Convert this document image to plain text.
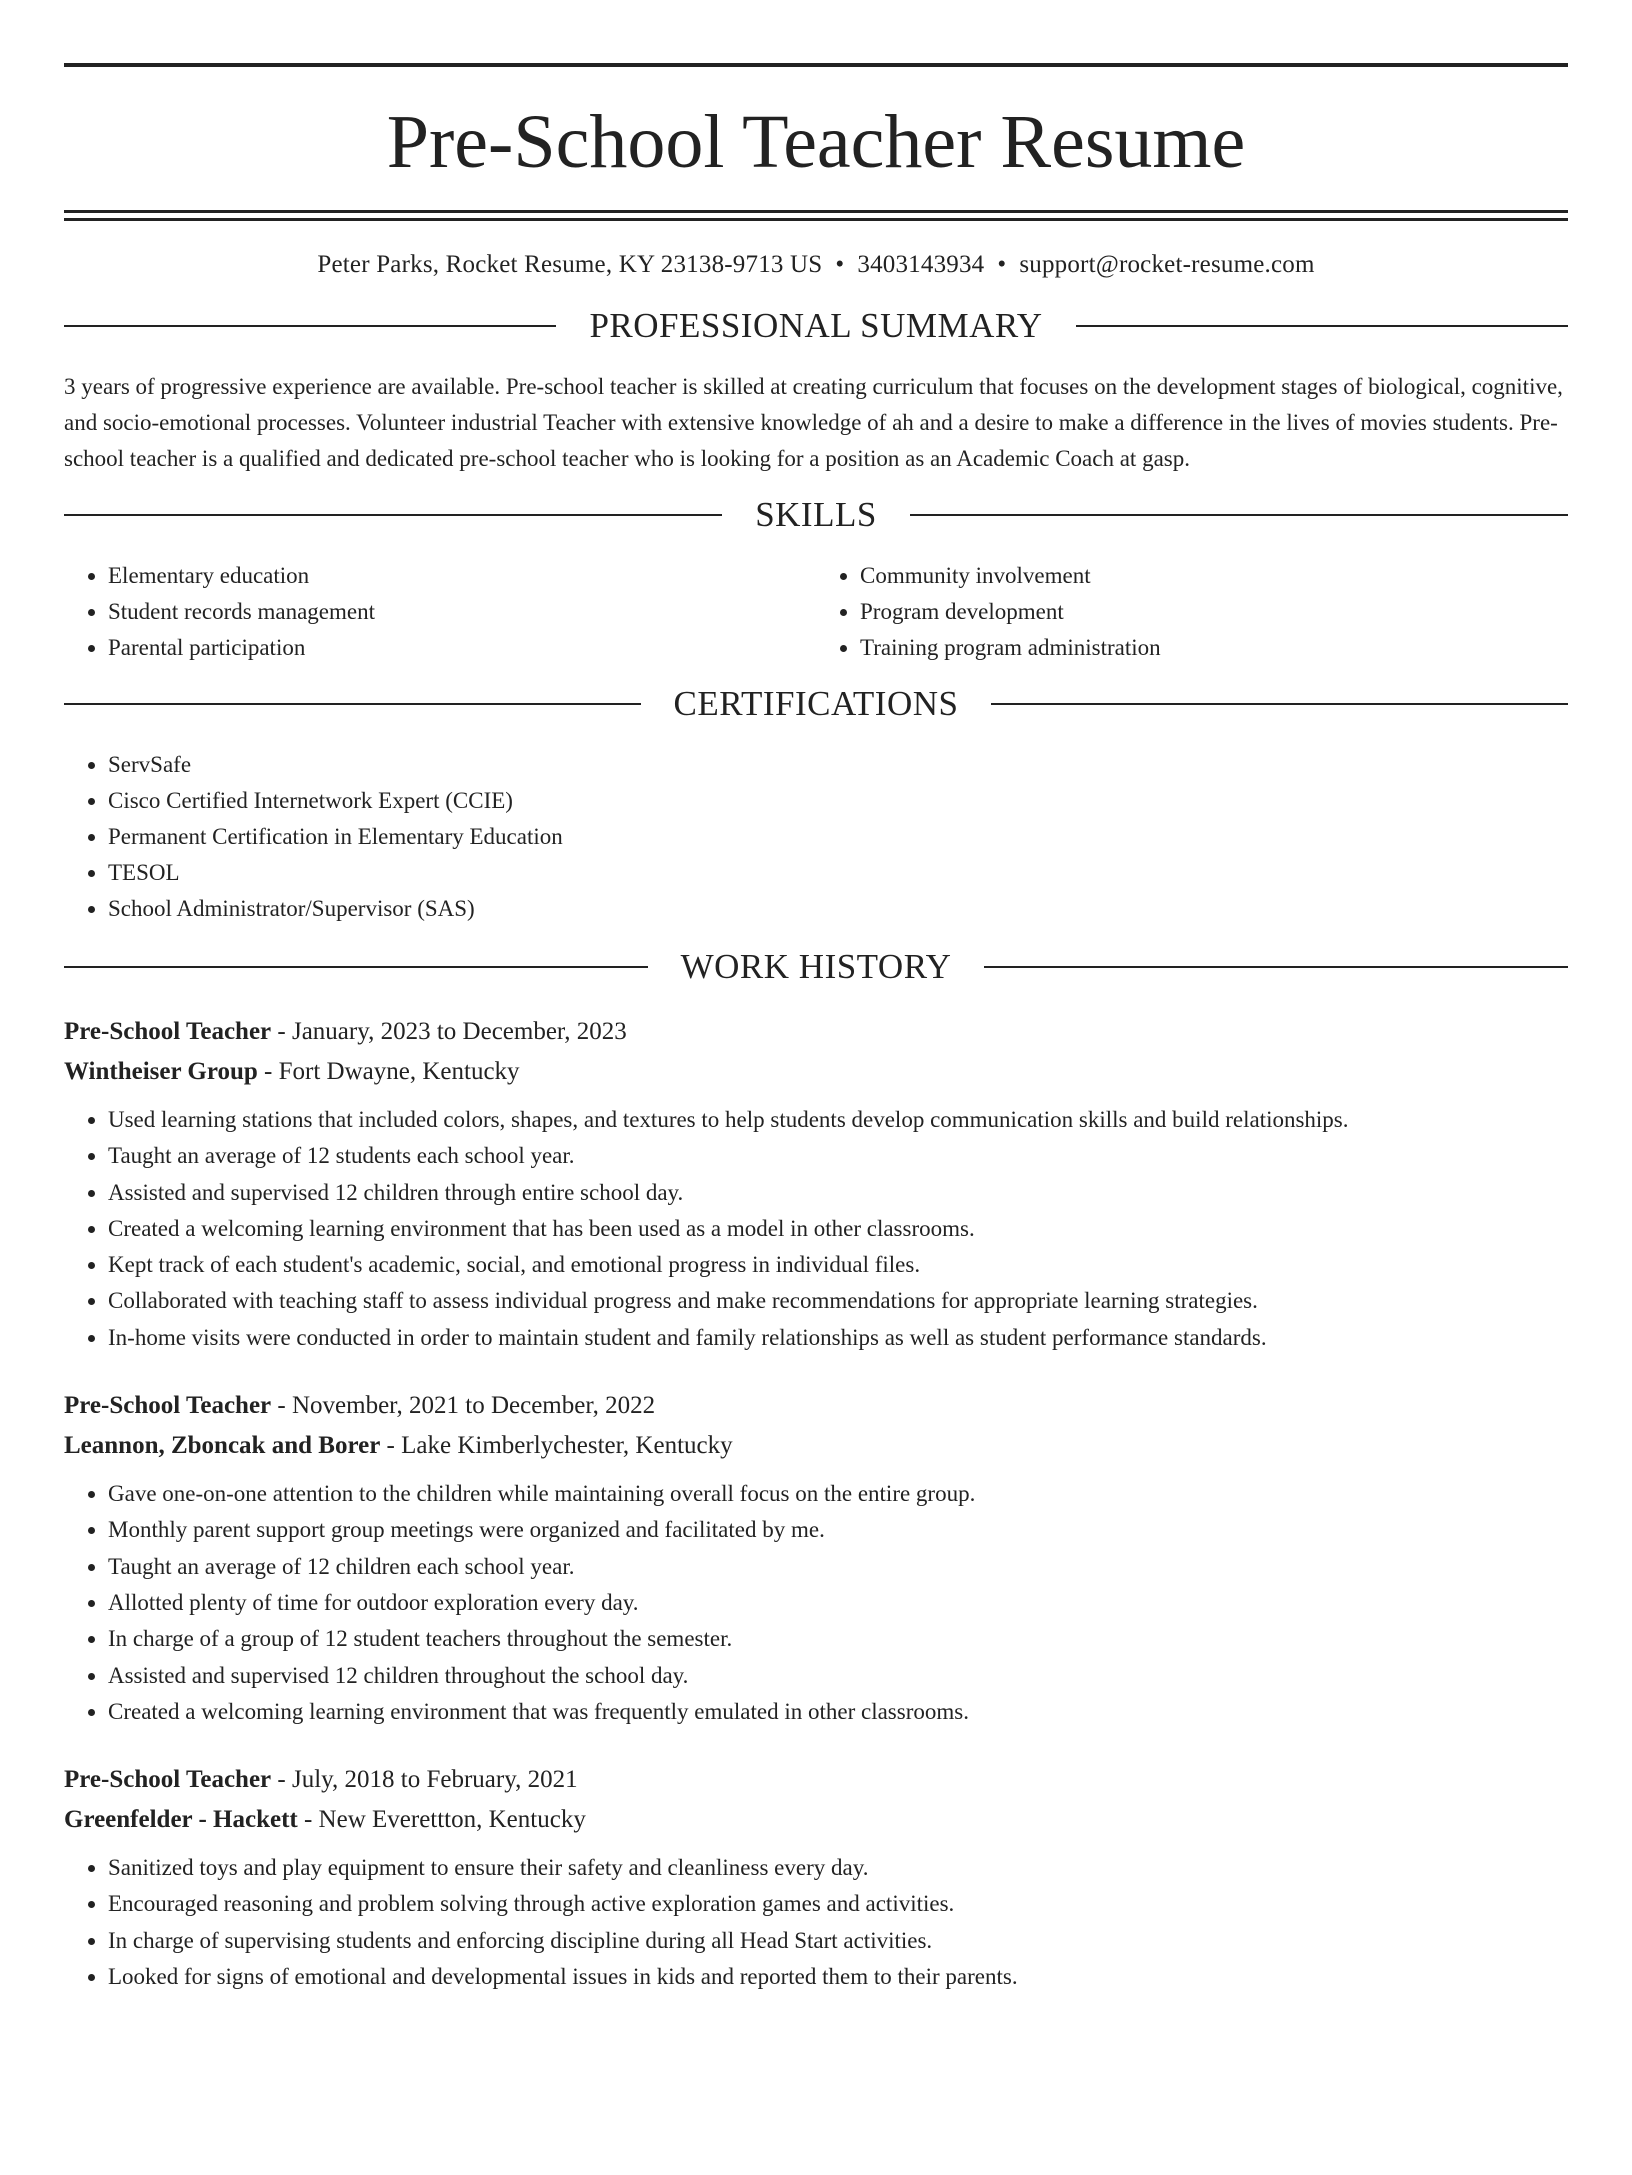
Pre-School Teacher Resume
Peter Parks, Rocket Resume, KY 23138-9713 US • 3403143934 • support@rocket-resume.com
PROFESSIONAL SUMMARY
3 years of progressive experience are available. Pre-school teacher is skilled at creating curriculum that focuses on the development stages of biological, cognitive, and socio-emotional processes. Volunteer industrial Teacher with extensive knowledge of ah and a desire to make a difference in the lives of movies students. Pre-school teacher is a qualified and dedicated pre-school teacher who is looking for a position as an Academic Coach at gasp.
SKILLS
• Elementary education
• Student records management
• Parental participation
• Community involvement
• Program development
• Training program administration
CERTIFICATIONS
• ServSafe
• Cisco Certified Internetwork Expert (CCIE)
• Permanent Certification in Elementary Education
• TESOL
• School Administrator/Supervisor (SAS)
WORK HISTORY
Pre-School Teacher - January, 2023 to December, 2023
Wintheiser Group - Fort Dwayne, Kentucky
• Used learning stations that included colors, shapes, and textures to help students develop communication skills and build relationships.
• Taught an average of 12 students each school year.
• Assisted and supervised 12 children through entire school day.
• Created a welcoming learning environment that has been used as a model in other classrooms.
• Kept track of each student's academic, social, and emotional progress in individual files.
• Collaborated with teaching staff to assess individual progress and make recommendations for appropriate learning strategies.
• In-home visits were conducted in order to maintain student and family relationships as well as student performance standards.
Pre-School Teacher - November, 2021 to December, 2022
Leannon, Zboncak and Borer - Lake Kimberlychester, Kentucky
• Gave one-on-one attention to the children while maintaining overall focus on the entire group.
• Monthly parent support group meetings were organized and facilitated by me.
• Taught an average of 12 children each school year.
• Allotted plenty of time for outdoor exploration every day.
• In charge of a group of 12 student teachers throughout the semester.
• Assisted and supervised 12 children throughout the school day.
• Created a welcoming learning environment that was frequently emulated in other classrooms.
Pre-School Teacher - July, 2018 to February, 2021
Greenfelder - Hackett - New Everettton, Kentucky
• Sanitized toys and play equipment to ensure their safety and cleanliness every day.
• Encouraged reasoning and problem solving through active exploration games and activities.
• In charge of supervising students and enforcing discipline during all Head Start activities.
• Looked for signs of emotional and developmental issues in kids and reported them to their parents.
